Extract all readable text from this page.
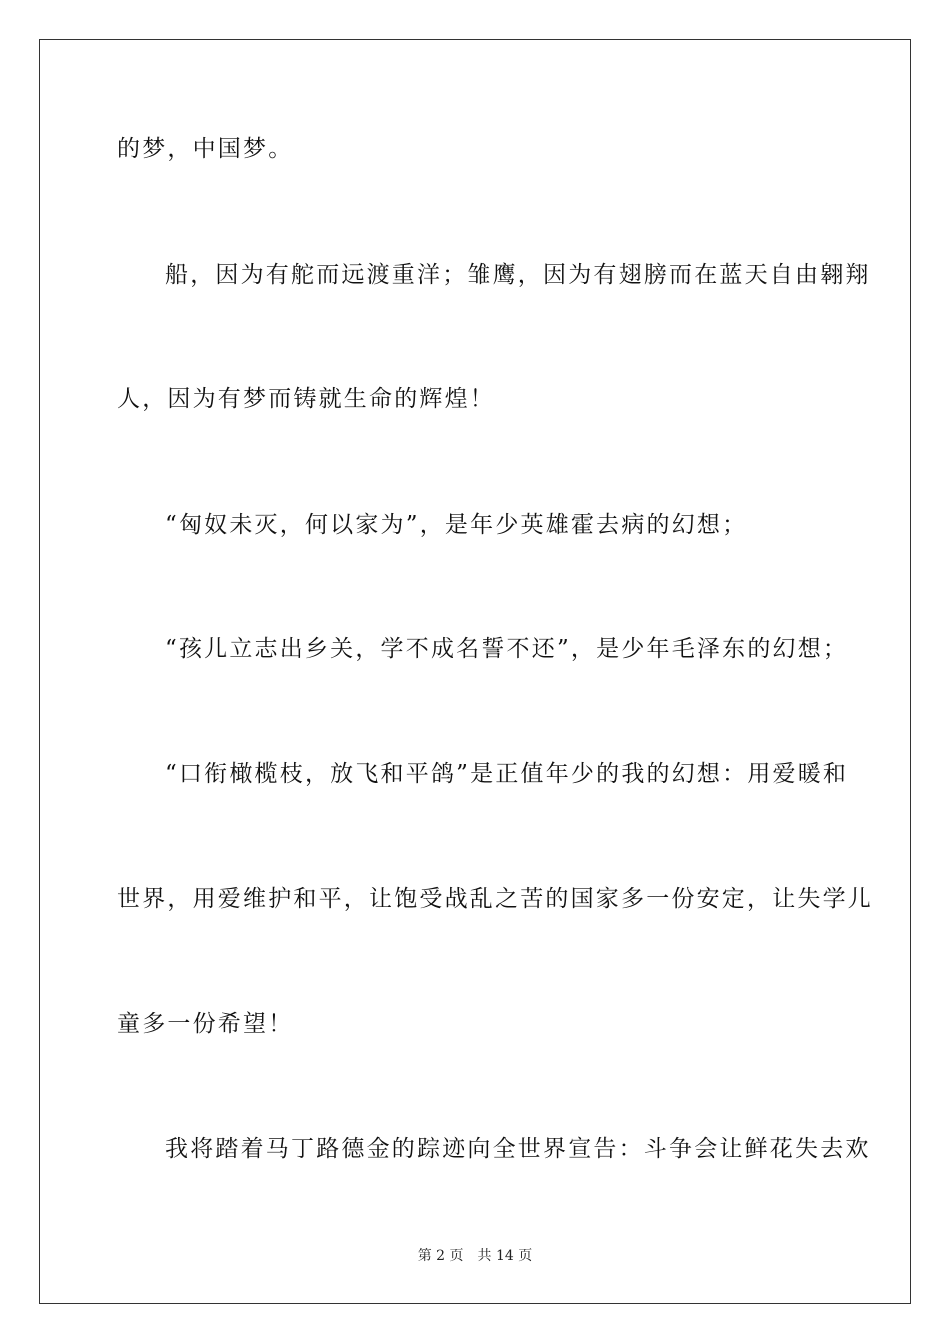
的梦，中国梦。
船，因为有舵而远渡重洋；雏鹰，因为有翅膀而在蓝天自由翱翔
人，因为有梦而铸就生命的辉煌！
“匈奴未灭，何以家为”，是年少英雄霍去病的幻想；
“孩儿立志出乡关，学不成名誓不还”，是少年毛泽东的幻想；
“口衔橄榄枝，放飞和平鸽”是正值年少的我的幻想：用爱暖和
世界，用爱维护和平，让饱受战乱之苦的国家多一份安定，让失学儿
童多一份希望！
我将踏着马丁路德金的踪迹向全世界宣告：斗争会让鲜花失去欢
第 2 页 共 14 页
